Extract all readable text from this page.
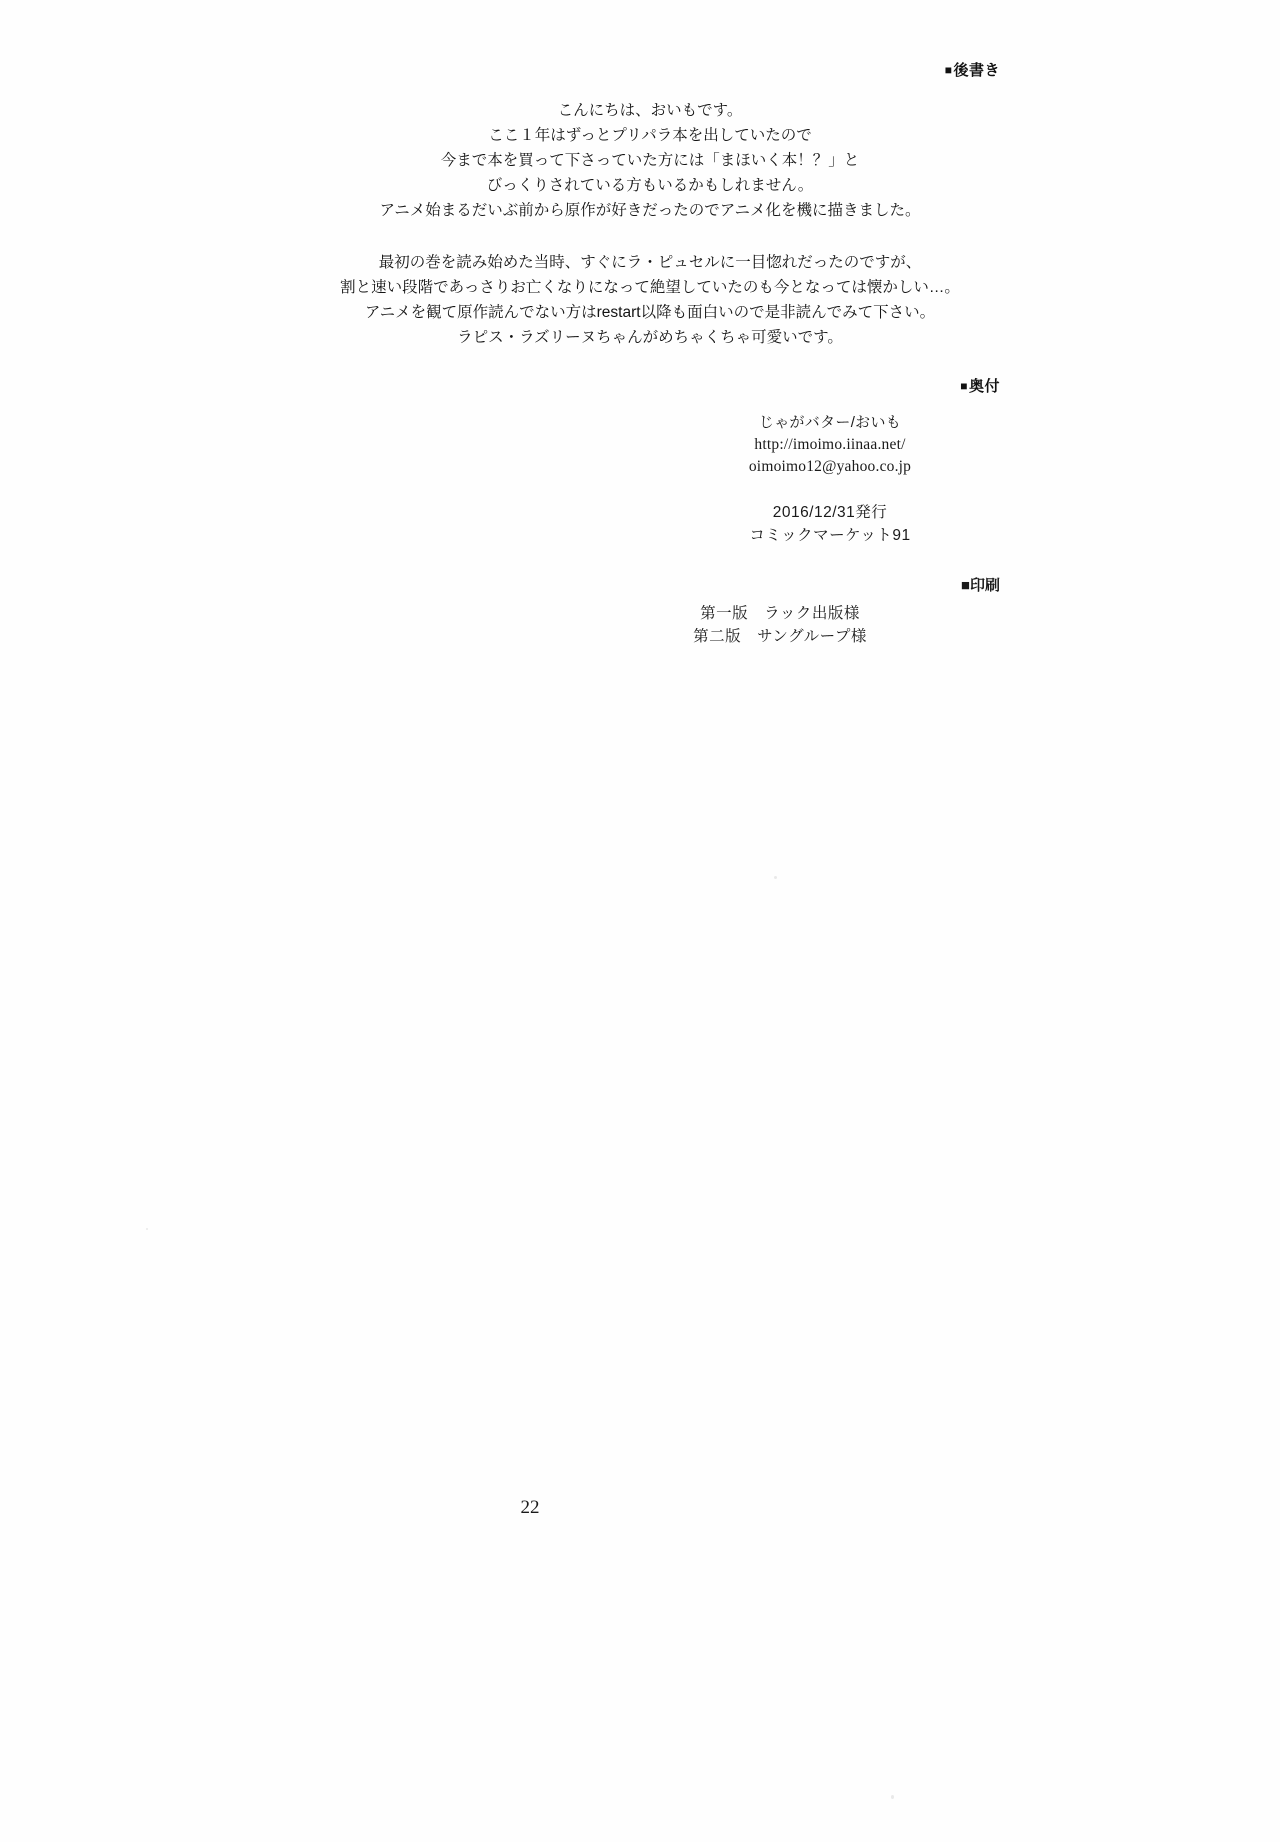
■後書き

こんにちは、おいもです。
ここ１年はずっとプリパラ本を出していたので
今まで本を買って下さっていた方には「まほいく本！？」と
びっくりされている方もいるかもしれません。
アニメ始まるだいぶ前から原作が好きだったのでアニメ化を機に描きました。

最初の巻を読み始めた当時、すぐにラ・ピュセルに一目惚れだったのですが、
割と速い段階であっさりお亡くなりになって絶望していたのも今となっては懐かしい…。
アニメを観て原作読んでない方はrestart以降も面白いので是非読んでみて下さい。
ラピス・ラズリーヌちゃんがめちゃくちゃ可愛いです。

■奥付
じゃがバター/おいも
http://imoimo.iinaa.net/
oimoimo12@yahoo.co.jp
2016/12/31発行
コミックマーケット91
■印刷
第一版　ラック出版様
第二版　サングループ様
22
